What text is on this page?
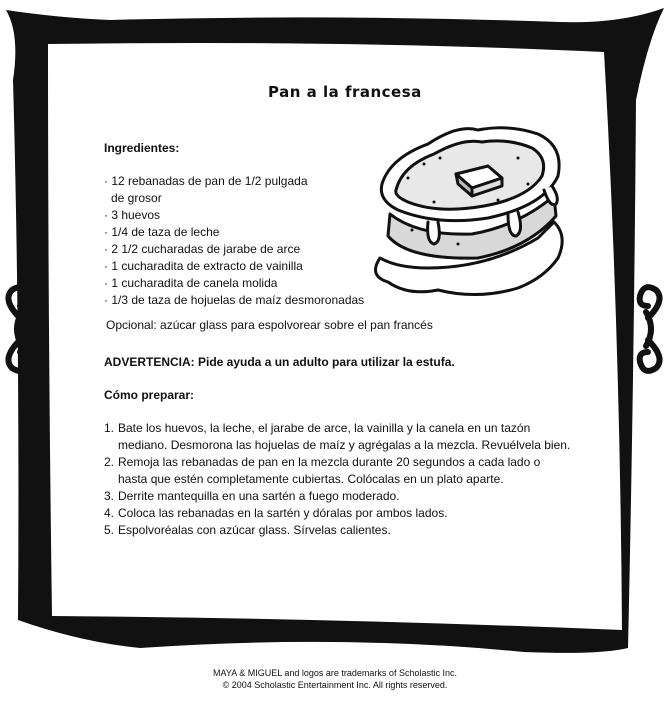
Pan a la francesa
Ingredientes:
· 12 rebanadas de pan de 1/2 pulgada
de grosor
· 3 huevos
· 1/4 de taza de leche
· 2 1/2 cucharadas de jarabe de arce
· 1 cucharadita de extracto de vainilla
· 1 cucharadita de canela molida
· 1/3 de taza de hojuelas de maíz desmoronadas
Opcional: azúcar glass para espolvorear sobre el pan francés
ADVERTENCIA: Pide ayuda a un adulto para utilizar la estufa.
Cómo preparar:
1. Bate los huevos, la leche, el jarabe de arce, la vainilla y la canela en un tazón
mediano. Desmorona las hojuelas de maíz y agrégalas a la mezcla. Revuélvela bien.
2. Remoja las rebanadas de pan en la mezcla durante 20 segundos a cada lado o
hasta que estén completamente cubiertas. Colócalas en un plato aparte.
3. Derrite mantequilla en una sartén a fuego moderado.
4. Coloca las rebanadas en la sartén y dóralas por ambos lados.
5. Espolvoréalas con azúcar glass. Sírvelas calientes.
MAYA & MIGUEL and logos are trademarks of Scholastic Inc.
© 2004 Scholastic Entertainment Inc. All rights reserved.
